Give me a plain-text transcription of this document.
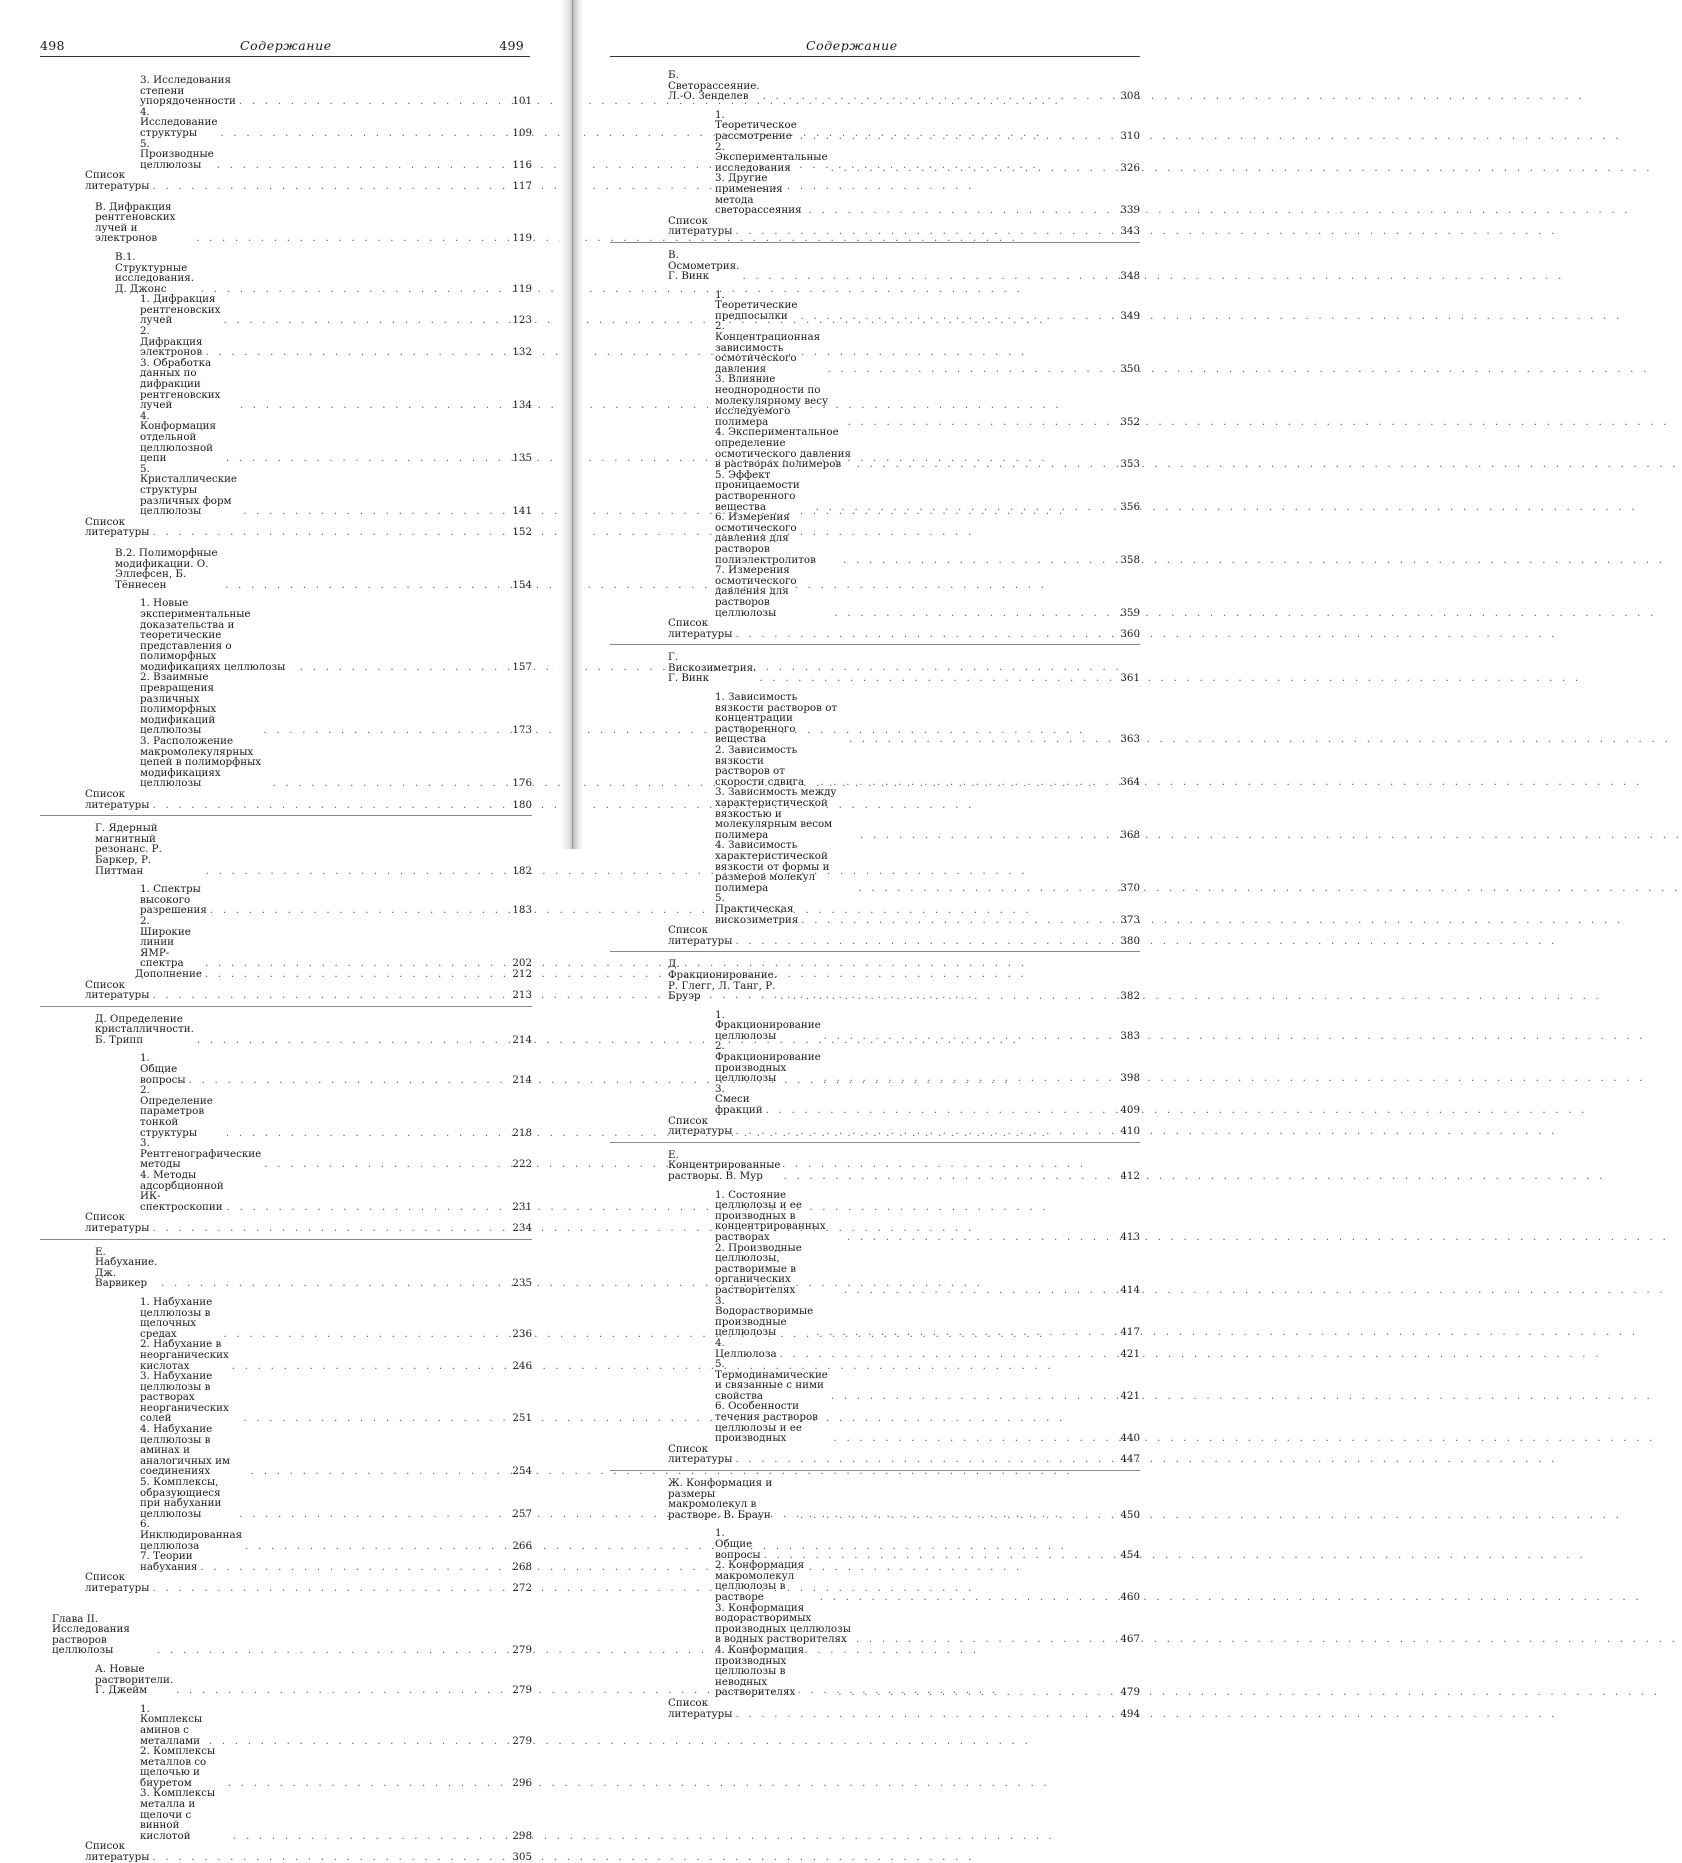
498	Содержание
3. Исследования степени упорядоченности . . .	101
4. Исследование структуры . . .	109
5. Производные целлюлозы . . .	116
Список литературы . . .	117
В. Дифракция рентгеновских лучей и электронов . . .	119
В.1. Структурные исследования. Д. Джонс . . .	119
1. Дифракция рентгеновских лучей . . .	123
2. Дифракция электронов . . .	132
3. Обработка данных по дифракции рентгеновских лучей . . .	134
4. Конформация отдельной целлюлозной цепи . . .	135
5. Кристаллические структуры различных форм целлюлозы . . .	141
Список литературы . . .	152
В.2. Полиморфные модификации. О. Эллефсен, Б. Тённесен . . .	154
1. Новые экспериментальные доказательства и теоретические представления о полиморфных модификациях целлюлозы . . .	157
2. Взаимные превращения различных полиморфных модификаций целлюлозы . . .	173
3. Расположение макромолекулярных цепей в полиморфных модификациях целлюлозы . . .	176
Список литературы . . .	180
Г. Ядерный магнитный резонанс. Р. Баркер, Р. Питтман . . .	182
1. Спектры высокого разрешения . . .	183
2. Широкие линии ЯМР-спектра . . .	202
Дополнение . . .	212
Список литературы . . .	213
Д. Определение кристалличности. Б. Трипп . . .	214
1. Общие вопросы . . .	214
2. Определение параметров тонкой структуры . . .	218
3. Рентгенографические методы . . .	222
4. Методы адсорбционной ИК-спектроскопии . . .	231
Список литературы . . .	234
Е. Набухание. Дж. Варвикер . . .	235
1. Набухание целлюлозы в щелочных средах . . .	236
2. Набухание в неорганических кислотах . . .	246
3. Набухание целлюлозы в растворах неорганических солей . . .	251
4. Набухание целлюлозы в аминах и аналогичных им соединениях . . .	254
5. Комплексы, образующиеся при набухании целлюлозы . . .	257
6. Инклюдированная целлюлоза . . .	266
7. Теории набухания . . .	268
Список литературы . . .	272
Глава II. Исследования растворов целлюлозы . . .	279
А. Новые растворители. Г. Джейм . . .	279
1. Комплексы аминов с металлами . . .	279
2. Комплексы металлов со щелочью и биуретом . . .	296
3. Комплексы металла и щелочи с винной кислотой . . .	298
Список литературы . . .	305
Содержание
499
Б. Светорассеяние. Л.-О. Зенделев . . .	308
1. Теоретическое рассмотрение . . .	310
2. Экспериментальные исследования . . .	326
3. Другие применения метода светорассеяния . . .	339
Список литературы . . .	343
В. Осмометрия. Г. Винк . . .	348
1. Теоретические предпосылки . . .	349
2. Концентрационная зависимость осмотического давления . . .	350
3. Влияние неоднородности по молекулярному весу исследуемого полимера . . .	352
4. Экспериментальное определение осмотического давления в растворах полимеров . . .	353
5. Эффект проницаемости растворенного вещества . . .	356
6. Измерения осмотического давления для растворов полиэлектролитов . . .	358
7. Измерения осмотического давления для растворов целлюлозы . . .	359
Список литературы . . .	360
Г. Вискозиметрия. Г. Винк . . .	361
1. Зависимость вязкости растворов от концентрации растворенного вещества . . .	363
2. Зависимость вязкости растворов от скорости сдвига . . .	364
3. Зависимость между характеристической вязкостью и молекулярным весом полимера . . .	368
4. Зависимость характеристической вязкости от формы и размеров молекул полимера . . .	370
5. Практическая вискозиметрия . . .	373
Список литературы . . .	380
Д. Фракционирование. Р. Глегг, Л. Танг, Р. Бруэр . . .	382
1. Фракционирование целлюлозы . . .	383
2. Фракционирование производных целлюлозы . . .	398
3. Смеси фракций . . .	409
Список литературы . . .	410
Е. Концентрированные растворы. В. Мур . . .	412
1. Состояние целлюлозы и ее производных в концентрированных растворах . . .	413
2. Производные целлюлозы, растворимые в органических растворителях . . .	414
3. Водорастворимые производные целлюлозы . . .	417
4. Целлюлоза . . .	421
5. Термодинамические и связанные с ними свойства . . .	421
6. Особенности течения растворов целлюлозы и ее производных . . .	440
Список литературы . . .	447
Ж. Конформация и размеры макромолекул в растворе. В. Браун . . .	450
1. Общие вопросы . . .	454
2. Конформация макромолекул целлюлозы в растворе . . .	460
3. Конформация водорастворимых производных целлюлозы в водных растворителях . . .	467
4. Конформация производных целлюлозы в неводных растворителях . . .	479
Список литературы . . .	494
